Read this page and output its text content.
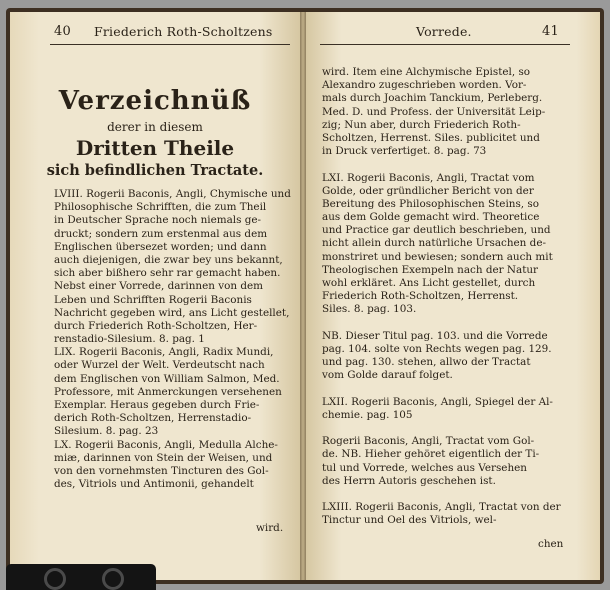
40 Friederich Roth-Scholtzens
Verzeichnüß
derer in diesem
Dritten Theile
sich befindlichen Tractate.
LVIII. Rogerii Baconis, Angli, Chymische und
Philosophische Schrifften, die zum Theil
in Deutscher Sprache noch niemals ge-
druckt; sondern zum erstenmal aus dem
Englischen übersezet worden; und dann
auch diejenigen, die zwar bey uns bekannt,
sich aber bißhero sehr rar gemacht haben.
Nebst einer Vorrede, darinnen von dem
Leben und Schrifften Rogerii Baconis
Nachricht gegeben wird, ans Licht gestellet,
durch Friederich Roth-Scholtzen, Her-
renstadio-Silesium. 8. pag. 1
LIX. Rogerii Baconis, Angli, Radix Mundi,
oder Wurzel der Welt. Verdeutscht nach
dem Englischen von William Salmon, Med.
Professore, mit Anmerckungen versehenen
Exemplar. Heraus gegeben durch Frie-
derich Roth-Scholtzen, Herrenstadio-
Silesium. 8. pag. 23
LX. Rogerii Baconis, Angli, Medulla Alche-
miæ, darinnen von Stein der Weisen, und
von den vornehmsten Tincturen des Gol-
des, Vitriols und Antimonii, gehandelt
wird.
Vorrede.	41
wird. Item eine Alchymische Epistel, so
Alexandro zugeschrieben worden. Vor-
mals durch Joachim Tanckium, Perleberg.
Med. D. und Profess. der Universität Leip-
zig; Nun aber, durch Friederich Roth-
Scholtzen, Herrenst. Siles. publicitet und
in Druck verfertiget. 8. pag. 73
LXI. Rogerii Baconis, Angli, Tractat vom
Golde, oder gründlicher Bericht von der
Bereitung des Philosophischen Steins, so
aus dem Golde gemacht wird. Theoretice
und Practice gar deutlich beschrieben, und
nicht allein durch natürliche Ursachen de-
monstriret und bewiesen; sondern auch mit
Theologischen Exempeln nach der Natur
wohl erkläret. Ans Licht gestellet, durch
Friederich Roth-Scholtzen, Herrenst.
Siles. 8. pag. 103.
NB. Dieser Titul pag. 103. und die Vorrede
pag. 104. solte von Rechts wegen pag. 129.
und pag. 130. stehen, allwo der Tractat
vom Golde darauf folget.
LXII. Rogerii Baconis, Angli, Spiegel der Al-
chemie. pag. 105
Rogerii Baconis, Angli, Tractat vom Gol-
de. NB. Hieher gehöret eigentlich der Ti-
tul und Vorrede, welches aus Versehen
des Herrn Autoris geschehen ist.
LXIII. Rogerii Baconis, Angli, Tractat von der
Tinctur und Oel des Vitriols, wel-
chen
